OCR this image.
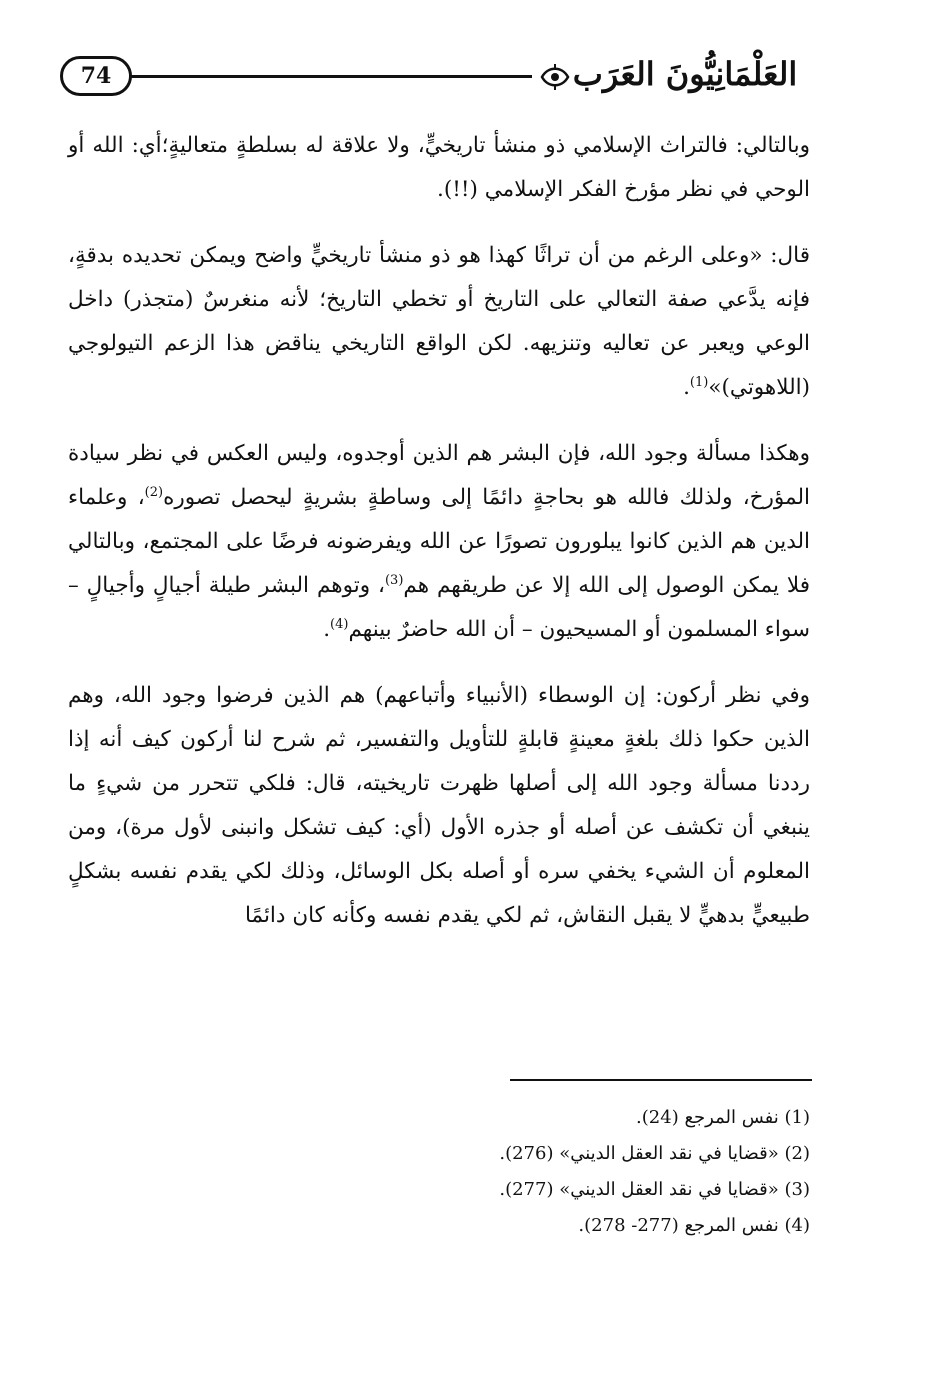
74	العَلْمَانِيُّونَ العَرَب

وبالتالي: فالتراث الإسلامي ذو منشأ تاريخيٍّ، ولا علاقة له بسلطةٍ متعاليةٍ؛أي: الله أو الوحي في نظر مؤرخ الفكر الإسلامي (!!).

قال: «وعلى الرغم من أن تراثًا كهذا هو ذو منشأ تاريخيٍّ واضح ويمكن تحديده بدقةٍ، فإنه يدَّعي صفة التعالي على التاريخ أو تخطي التاريخ؛ لأنه منغرسٌ (متجذر) داخل الوعي ويعبر عن تعاليه وتنزيهه. لكن الواقع التاريخي يناقض هذا الزعم التيولوجي (اللاهوتي)»$^{(1)}$.

وهكذا مسألة وجود الله، فإن البشر هم الذين أوجدوه، وليس العكس في نظر سيادة المؤرخ، ولذلك فالله هو بحاجةٍ دائمًا إلى وساطةٍ بشريةٍ ليحصل تصوره$^{(2)}$، وعلماء الدين هم الذين كانوا يبلورون تصورًا عن الله ويفرضونه فرضًا على المجتمع، وبالتالي فلا يمكن الوصول إلى الله إلا عن طريقهم هم$^{(3)}$، وتوهم البشر طيلة أجيالٍ وأجيالٍ – سواء المسلمون أو المسيحيون – أن الله حاضرٌ بينهم$^{(4)}$.

وفي نظر أركون: إن الوسطاء (الأنبياء وأتباعهم) هم الذين فرضوا وجود الله، وهم الذين حكوا ذلك بلغةٍ معينةٍ قابلةٍ للتأويل والتفسير، ثم شرح لنا أركون كيف أنه إذا رددنا مسألة وجود الله إلى أصلها ظهرت تاريخيته، قال: فلكي تتحرر من شيءٍ ما ينبغي أن تكشف عن أصله أو جذره الأول (أي: كيف تشكل وانبنى لأول مرة)، ومن المعلوم أن الشيء يخفي سره أو أصله بكل الوسائل، وذلك لكي يقدم نفسه بشكلٍ طبيعيٍّ بدهيٍّ لا يقبل النقاش، ثم لكي يقدم نفسه وكأنه كان دائمًا

(1) نفس المرجع (24).
(2) «قضايا في نقد العقل الديني» (276).
(3) «قضايا في نقد العقل الديني» (277).
(4) نفس المرجع (277- 278).
